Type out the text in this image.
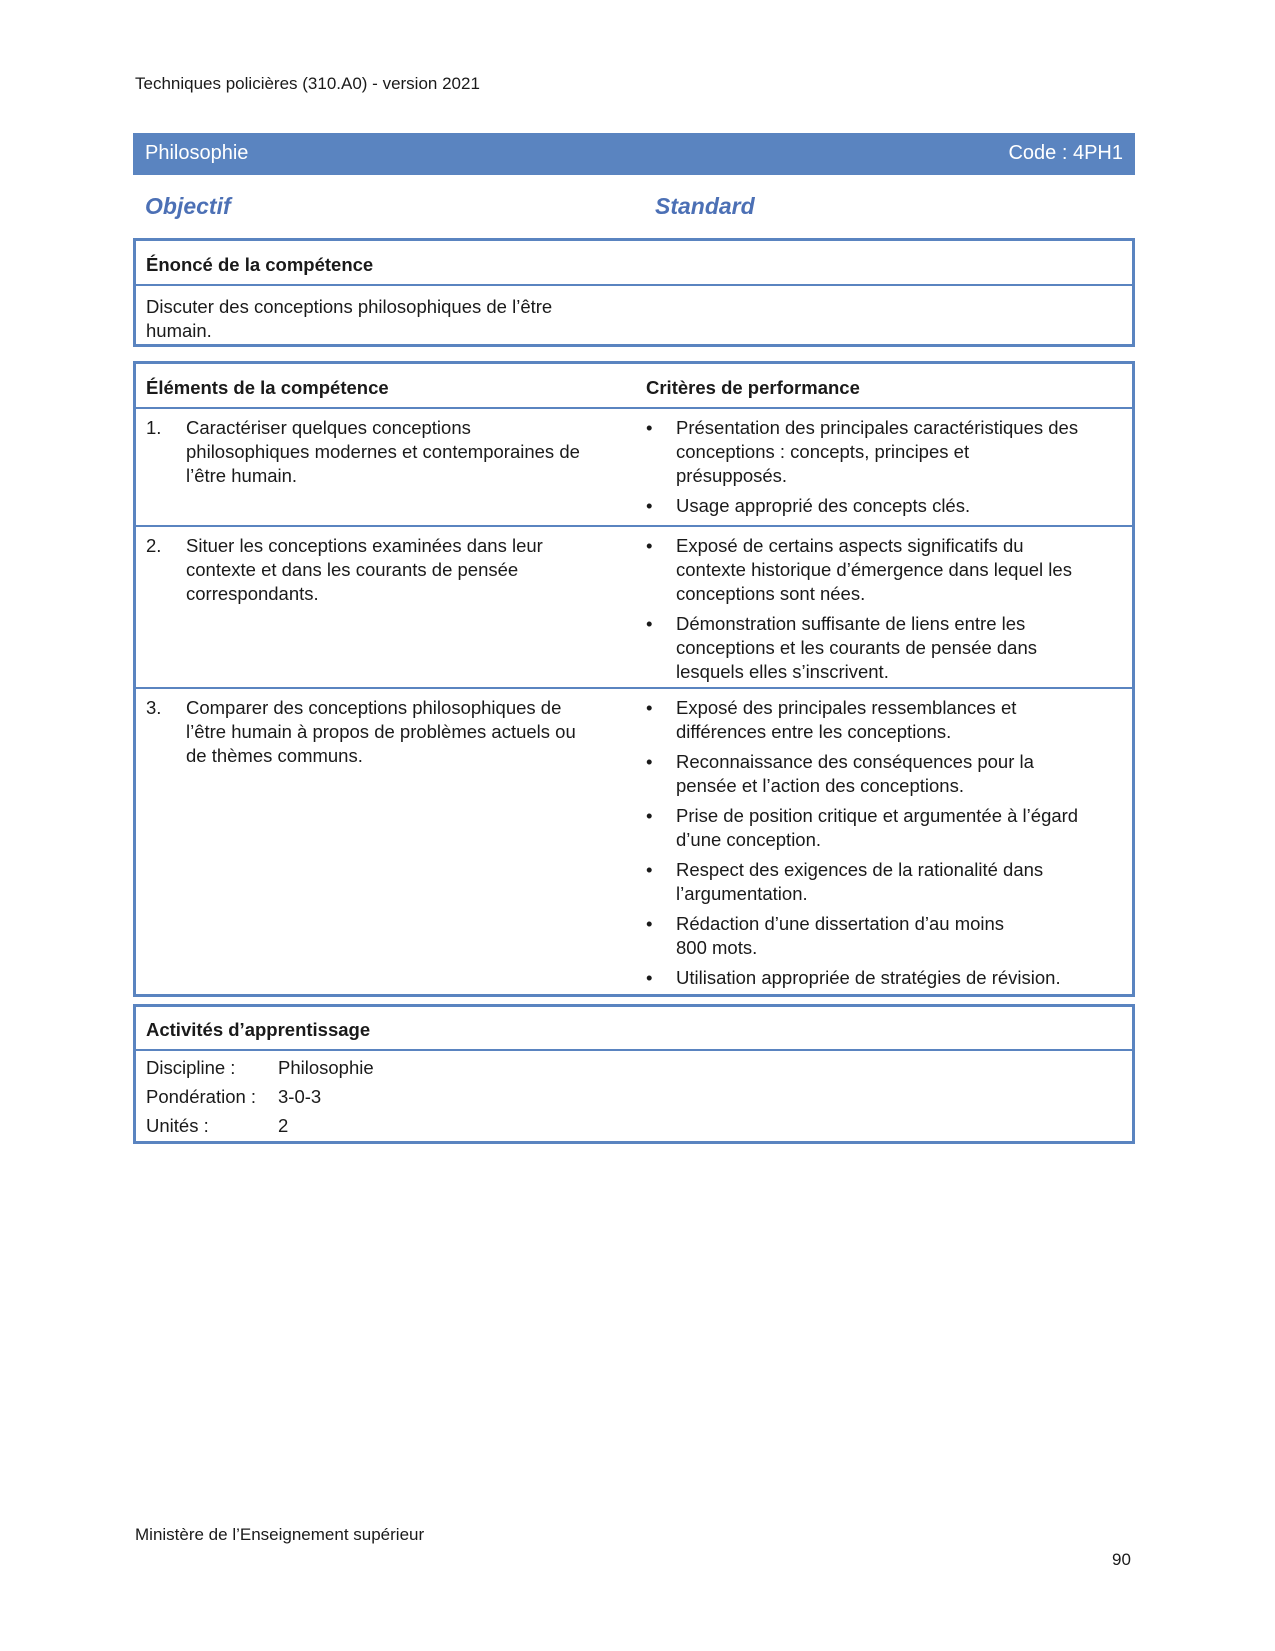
Techniques policières (310.A0) - version 2021
Philosophie	Code : 4PH1
Objectif	Standard
Énoncé de la compétence
Discuter des conceptions philosophiques de l’être
humain.
Éléments de la compétence	Critères de performance
1.	Caractériser quelques conceptions
philosophiques modernes et contemporaines de
l’être humain.
• Présentation des principales caractéristiques des
conceptions : concepts, principes et
présupposés.
• Usage approprié des concepts clés.
2.	Situer les conceptions examinées dans leur
contexte et dans les courants de pensée
correspondants.
• Exposé de certains aspects significatifs du
contexte historique d’émergence dans lequel les
conceptions sont nées.
• Démonstration suffisante de liens entre les
conceptions et les courants de pensée dans
lesquels elles s’inscrivent.
3.	Comparer des conceptions philosophiques de
l’être humain à propos de problèmes actuels ou
de thèmes communs.
• Exposé des principales ressemblances et
différences entre les conceptions.
• Reconnaissance des conséquences pour la
pensée et l’action des conceptions.
• Prise de position critique et argumentée à l’égard
d’une conception.
• Respect des exigences de la rationalité dans
l’argumentation.
• Rédaction d’une dissertation d’au moins
800 mots.
• Utilisation appropriée de stratégies de révision.
Activités d’apprentissage
Discipline : Philosophie
Pondération : 3-0-3
Unités :	2
Ministère de l’Enseignement supérieur
90
